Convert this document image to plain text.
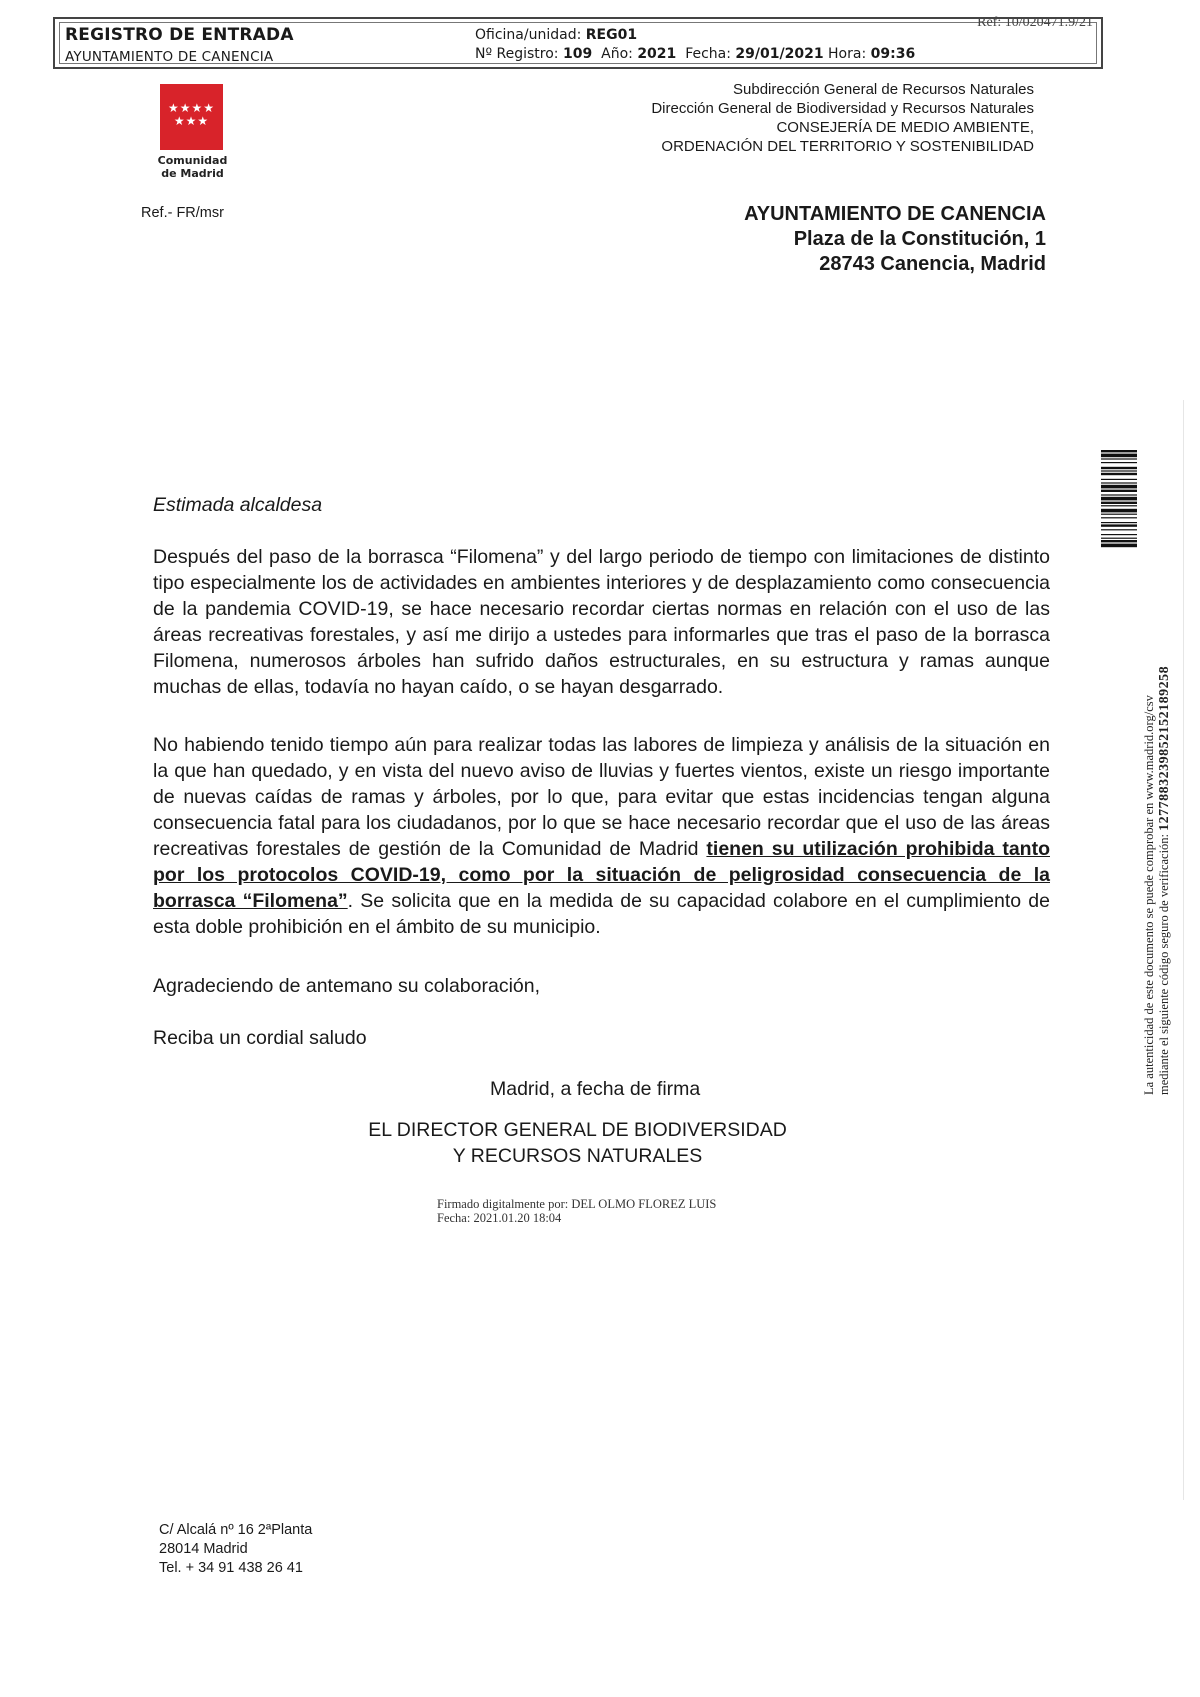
Ref: 10/020471.9/21
REGISTRO DE ENTRADA
AYUNTAMIENTO DE CANENCIA
Oficina/unidad: REG01
Nº Registro: 109 Año: 2021 Fecha: 29/01/2021 Hora: 09:36
★★★★
★★★
Comunidad
de Madrid
Subdirección General de Recursos Naturales
Dirección General de Biodiversidad y Recursos Naturales
CONSEJERÍA DE MEDIO AMBIENTE,
ORDENACIÓN DEL TERRITORIO Y SOSTENIBILIDAD
Ref.- FR/msr	AYUNTAMIENTO DE CANENCIA
Plaza de la Constitución, 1
28743 Canencia, Madrid
Estimada alcaldesa
Después del paso de la borrasca “Filomena” y del largo periodo de tiempo con limitaciones de distinto tipo especialmente los de actividades en ambientes interiores y de desplazamiento como consecuencia de la pandemia COVID-19, se hace necesario recordar ciertas normas en relación con el uso de las áreas recreativas forestales, y así me dirijo a ustedes para informarles que tras el paso de la borrasca Filomena, numerosos árboles han sufrido daños estructurales, en su estructura y ramas aunque muchas de ellas, todavía no hayan caído, o se hayan desgarrado.
No habiendo tenido tiempo aún para realizar todas las labores de limpieza y análisis de la situación en la que han quedado, y en vista del nuevo aviso de lluvias y fuertes vientos, existe un riesgo importante de nuevas caídas de ramas y árboles, por lo que, para evitar que estas incidencias tengan alguna consecuencia fatal para los ciudadanos, por lo que se hace necesario recordar que el uso de las áreas recreativas forestales de gestión de la Comunidad de Madrid tienen su utilización prohibida tanto por los protocolos COVID-19, como por la situación de peligrosidad consecuencia de la borrasca “Filomena”. Se solicita que en la medida de su capacidad colabore en el cumplimiento de esta doble prohibición en el ámbito de su municipio.
Agradeciendo de antemano su colaboración,
Reciba un cordial saludo
Madrid, a fecha de firma
EL DIRECTOR GENERAL DE BIODIVERSIDAD
Y RECURSOS NATURALES
Firmado digitalmente por: DEL OLMO FLOREZ LUIS
Fecha: 2021.01.20 18:04
C/ Alcalá nº 16 2ªPlanta
28014 Madrid
Tel. + 34 91 438 26 41
La autenticidad de este documento se puede comprobar en www.madrid.org/csv mediante el siguiente código seguro de verificación: 1277883239852152189258
